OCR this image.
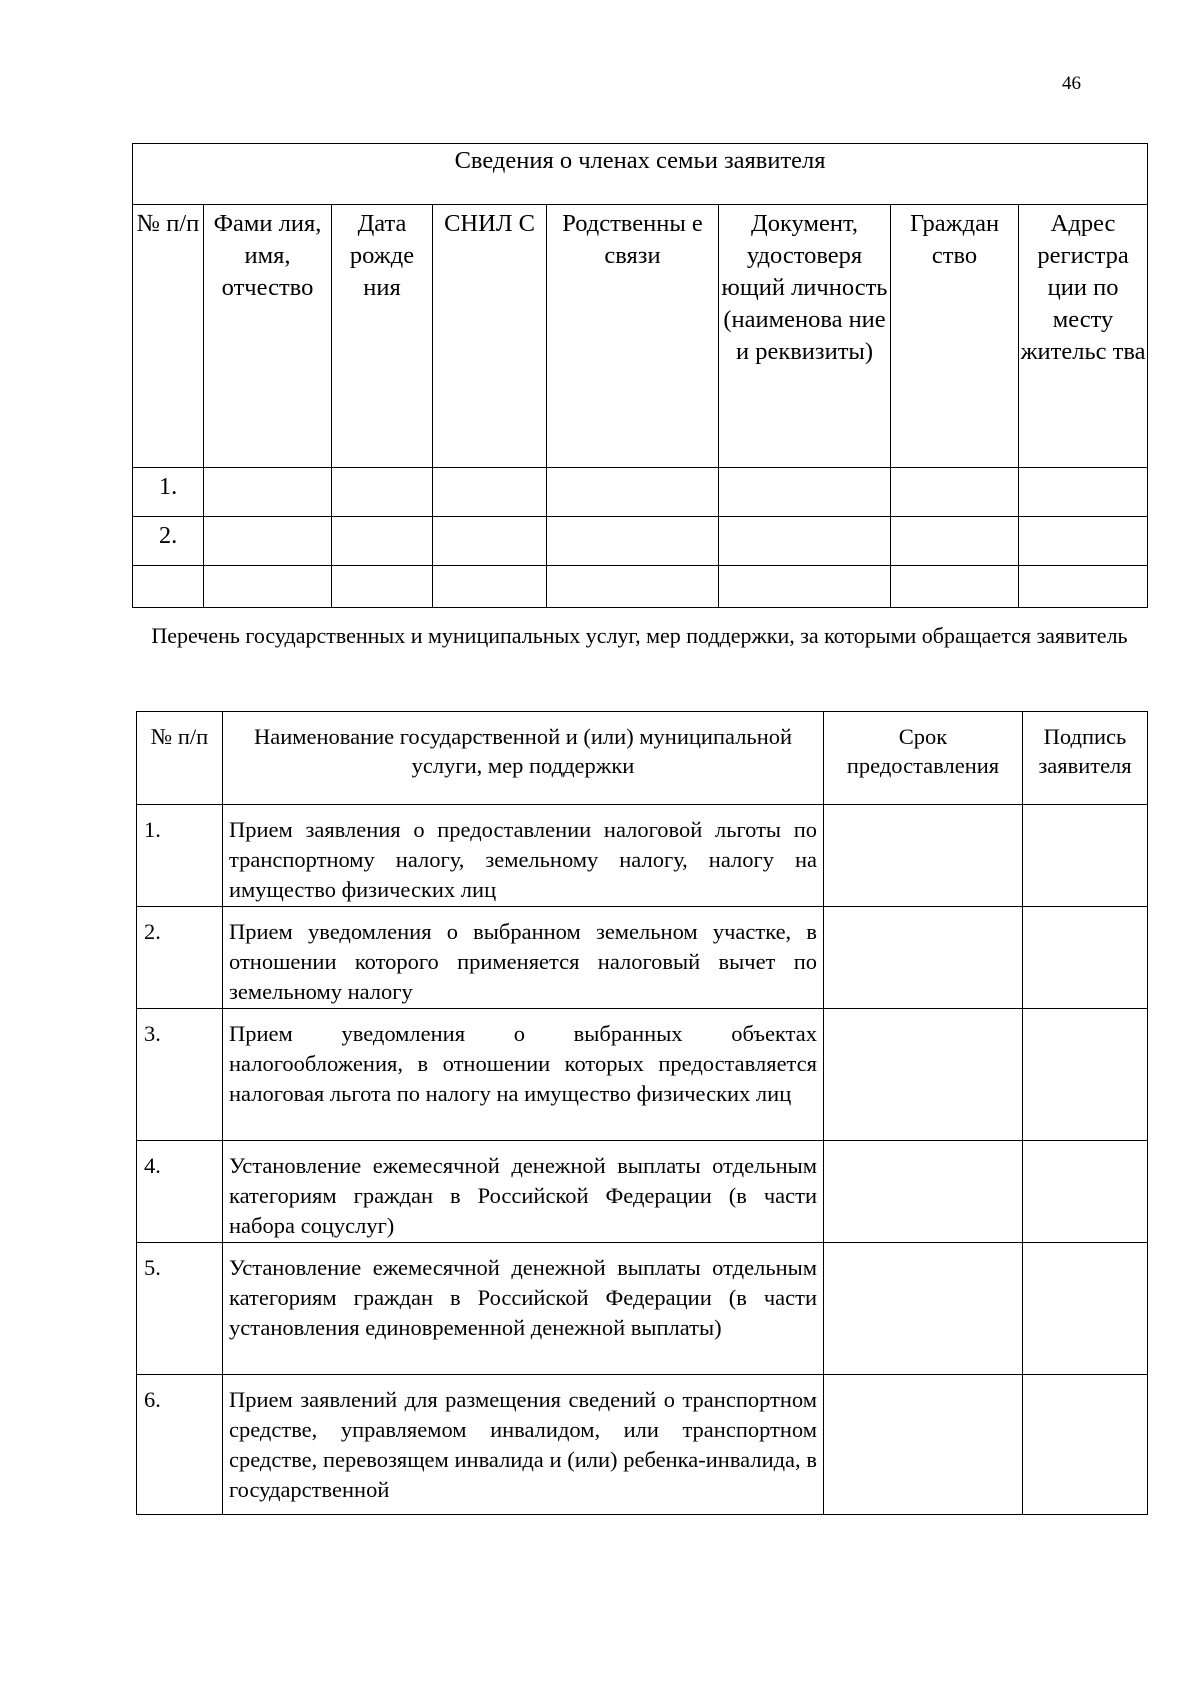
46
Сведения о членах семьи заявителя							
№ п/п	Фами лия, имя, отчество	Дата рожде ния	СНИЛ С	Родственны е связи	Документ, удостоверя ющий личность (наименова ние и реквизиты)	Граждан ство	Адрес регистра ции по месту жительс тва
1.							
2.							

Перечень государственных и муниципальных услуг, мер поддержки, за которыми обращается заявитель
№ п/п	Наименование государственной и (или) муниципальной услуги, мер поддержки	Срок предоставления	Подпись заявителя
1.	Прием заявления о предоставлении налоговой льготы по транспортному налогу, земельному налогу, налогу на имущество физических лиц		
2.	Прием уведомления о выбранном земельном участке, в отношении которого применяется налоговый вычет по земельному налогу		
3.	Прием уведомления о выбранных объектах налогообложения, в отношении которых предоставляется налоговая льгота по налогу на имущество физических лиц		
4.	Установление ежемесячной денежной выплаты отдельным категориям граждан в Российской Федерации (в части набора соцуслуг)		
5.	Установление ежемесячной денежной выплаты отдельным категориям граждан в Российской Федерации (в части установления единовременной денежной выплаты)		
6.	Прием заявлений для размещения сведений о транспортном средстве, управляемом инвалидом, или транспортном средстве, перевозящем инвалида и (или) ребенка-инвалида, в государственной		
